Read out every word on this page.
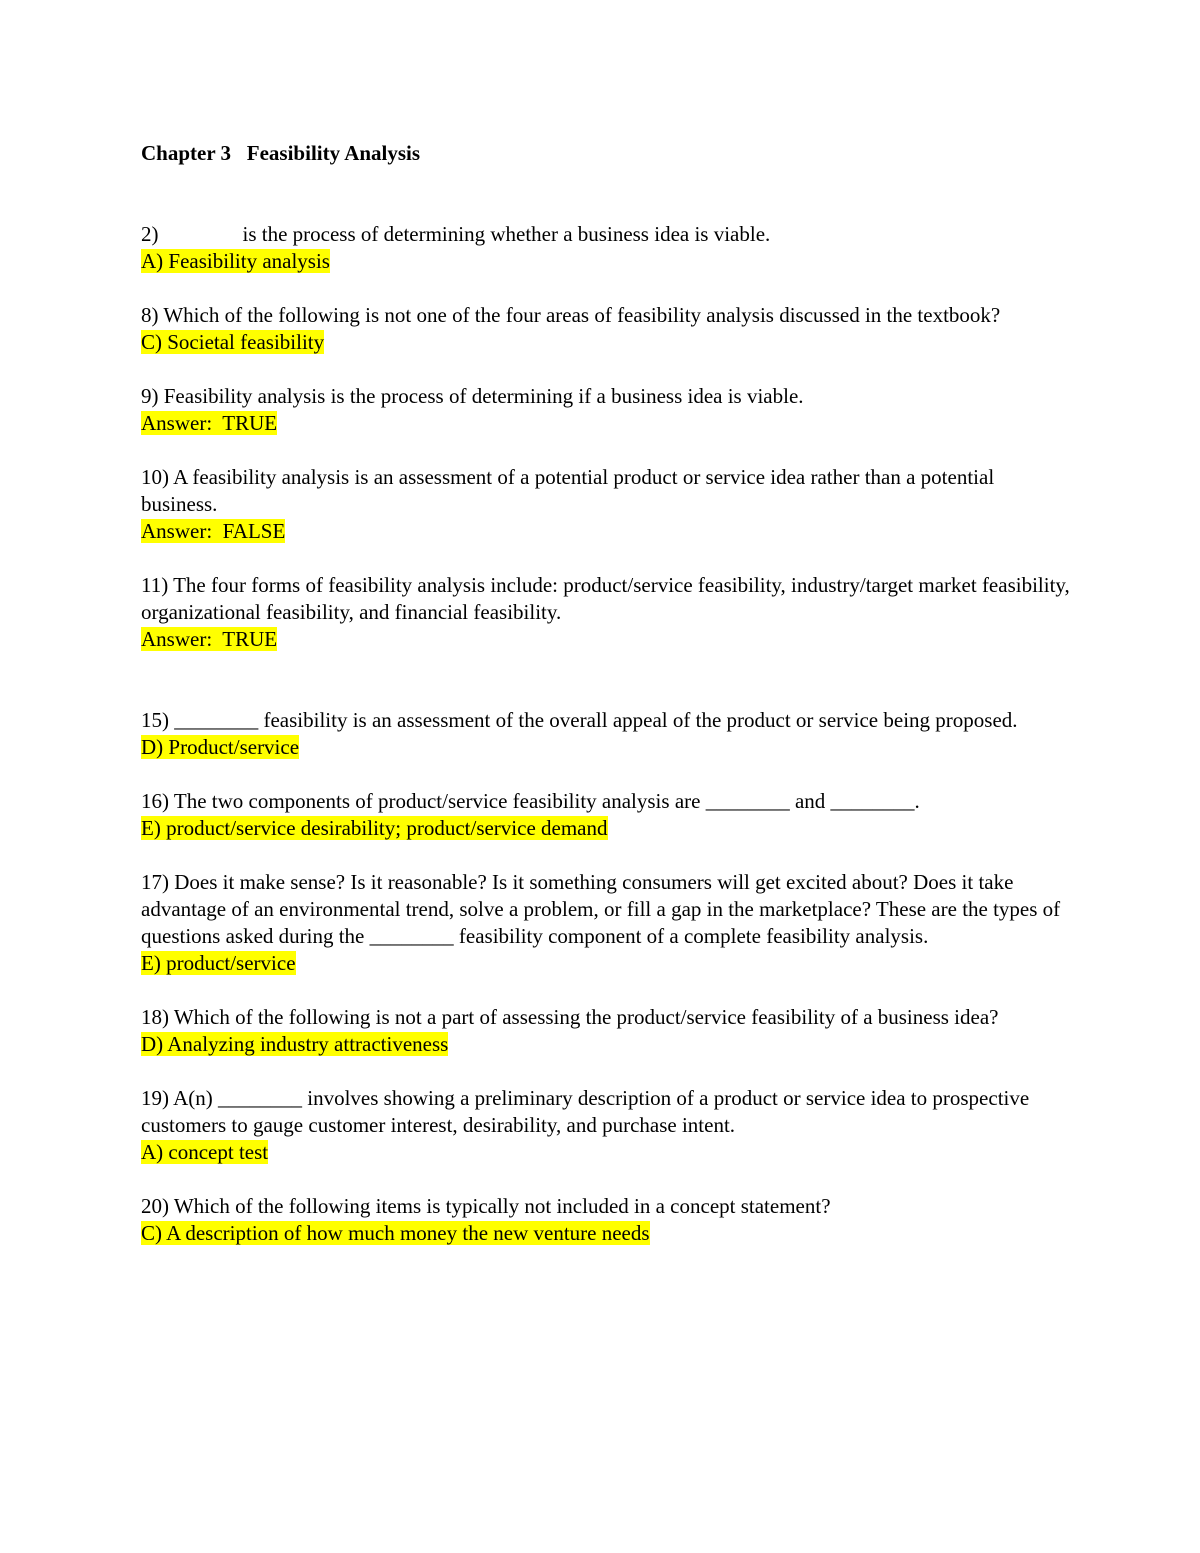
Chapter 3   Feasibility Analysis

2)                is the process of determining whether a business idea is viable.

A) Feasibility analysis

8) Which of the following is not one of the four areas of feasibility analysis discussed in the textbook?

C) Societal feasibility

9) Feasibility analysis is the process of determining if a business idea is viable.

Answer:  TRUE

10) A feasibility analysis is an assessment of a potential product or service idea rather than a potential business.

Answer:  FALSE

11) The four forms of feasibility analysis include: product/service feasibility, industry/target market feasibility, organizational feasibility, and financial feasibility.

Answer:  TRUE

15) ________ feasibility is an assessment of the overall appeal of the product or service being proposed.

D) Product/service

16) The two components of product/service feasibility analysis are ________ and ________.

E) product/service desirability; product/service demand

17) Does it make sense? Is it reasonable? Is it something consumers will get excited about? Does it take advantage of an environmental trend, solve a problem, or fill a gap in the marketplace? These are the types of questions asked during the ________ feasibility component of a complete feasibility analysis.

E) product/service

18) Which of the following is not a part of assessing the product/service feasibility of a business idea?

D) Analyzing industry attractiveness

19) A(n) ________ involves showing a preliminary description of a product or service idea to prospective customers to gauge customer interest, desirability, and purchase intent.

A) concept test

20) Which of the following items is typically not included in a concept statement?

C) A description of how much money the new venture needs
